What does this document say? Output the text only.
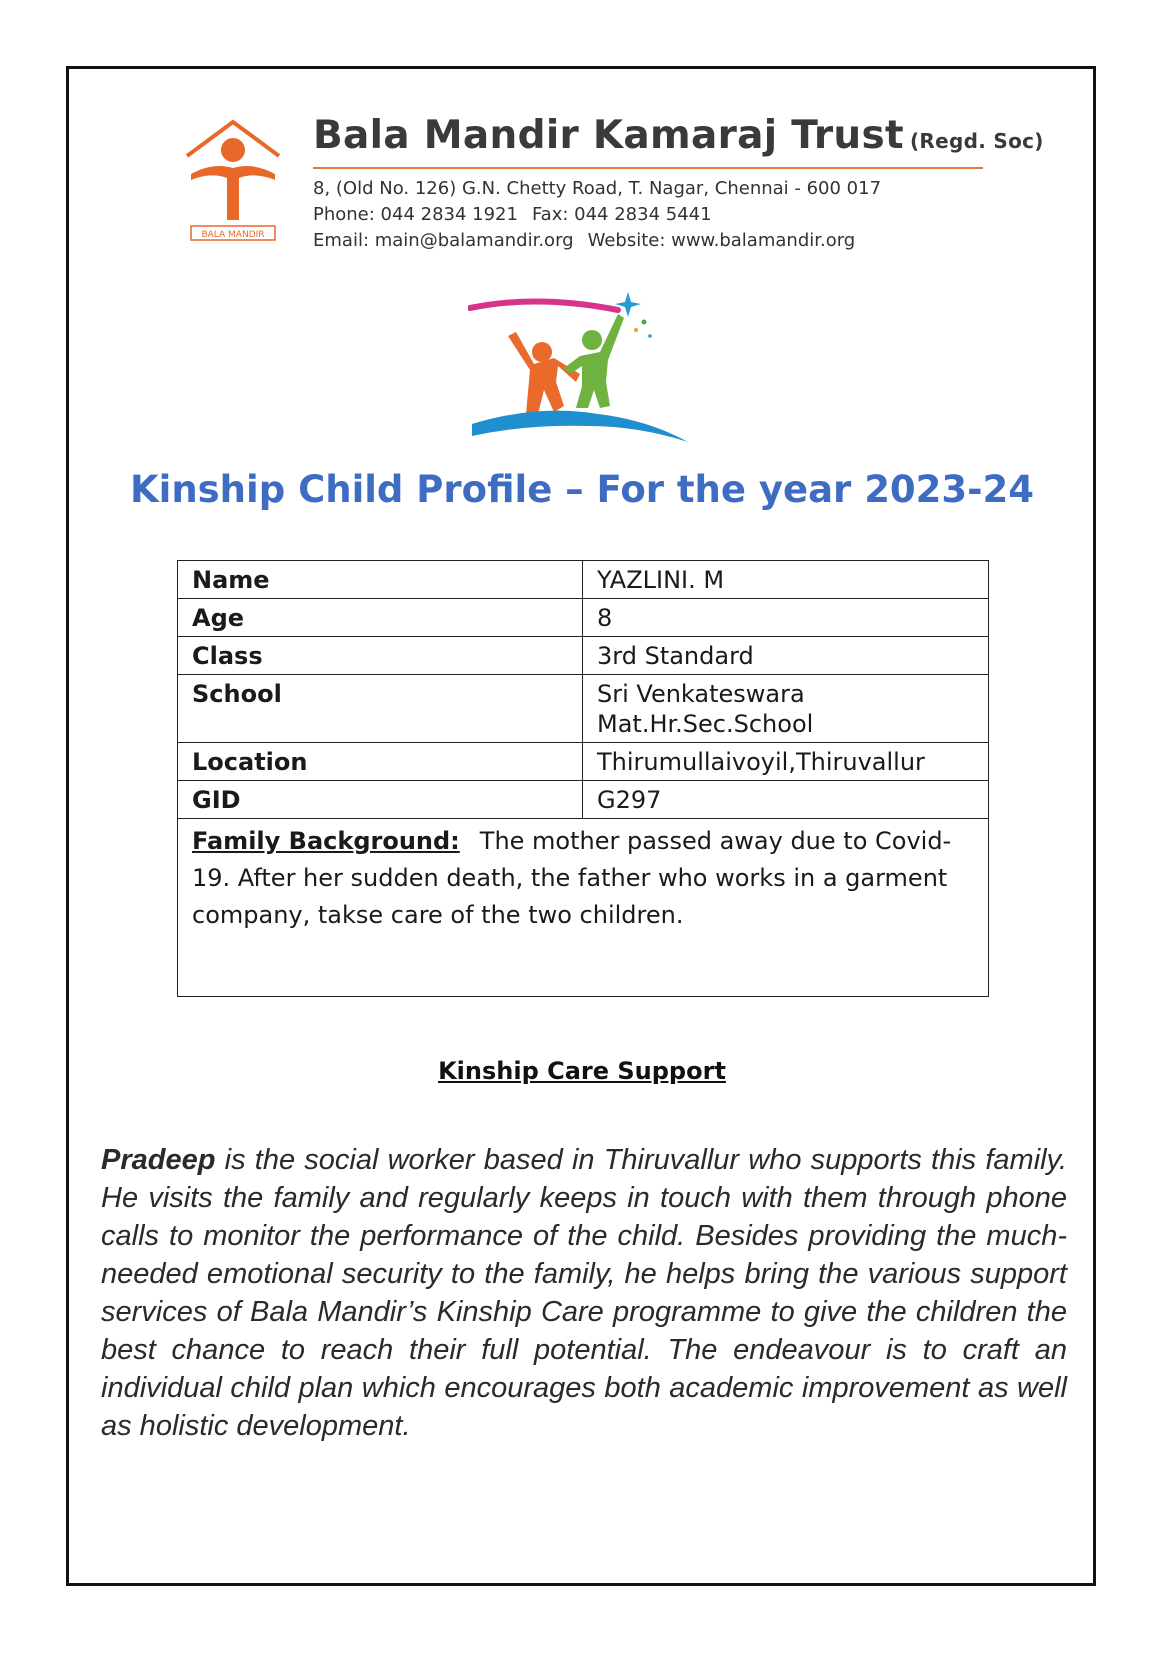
BALA MANDIR
Bala Mandir Kamaraj Trust (Regd. Soc)
8, (Old No. 126) G.N. Chetty Road, T. Nagar, Chennai - 600 017
Phone: 044 2834 1921 Fax: 044 2834 5441
Email: main@balamandir.org Website: www.balamandir.org
Kinship Child Profile – For the year 2023-24
Name	YAZLINI. M
Age	8
Class	3rd Standard
School	Sri Venkateswara Mat.Hr.Sec.School
Location	Thirumullaivoyil,Thiruvallur
GID	G297
Family Background: The mother passed away due to Covid-19. After her sudden death, the father who works in a garment company, takse care of the two children.	
Kinship Care Support

Pradeep is the social worker based in Thiruvallur who supports this family. He visits the family and regularly keeps in touch with them through phone calls to monitor the performance of the child. Besides providing the much-needed emotional security to the family, he helps bring the various support services of Bala Mandir’s Kinship Care programme to give the children the best chance to reach their full potential. The endeavour is to craft an individual child plan which encourages both academic improvement as well as holistic development.
